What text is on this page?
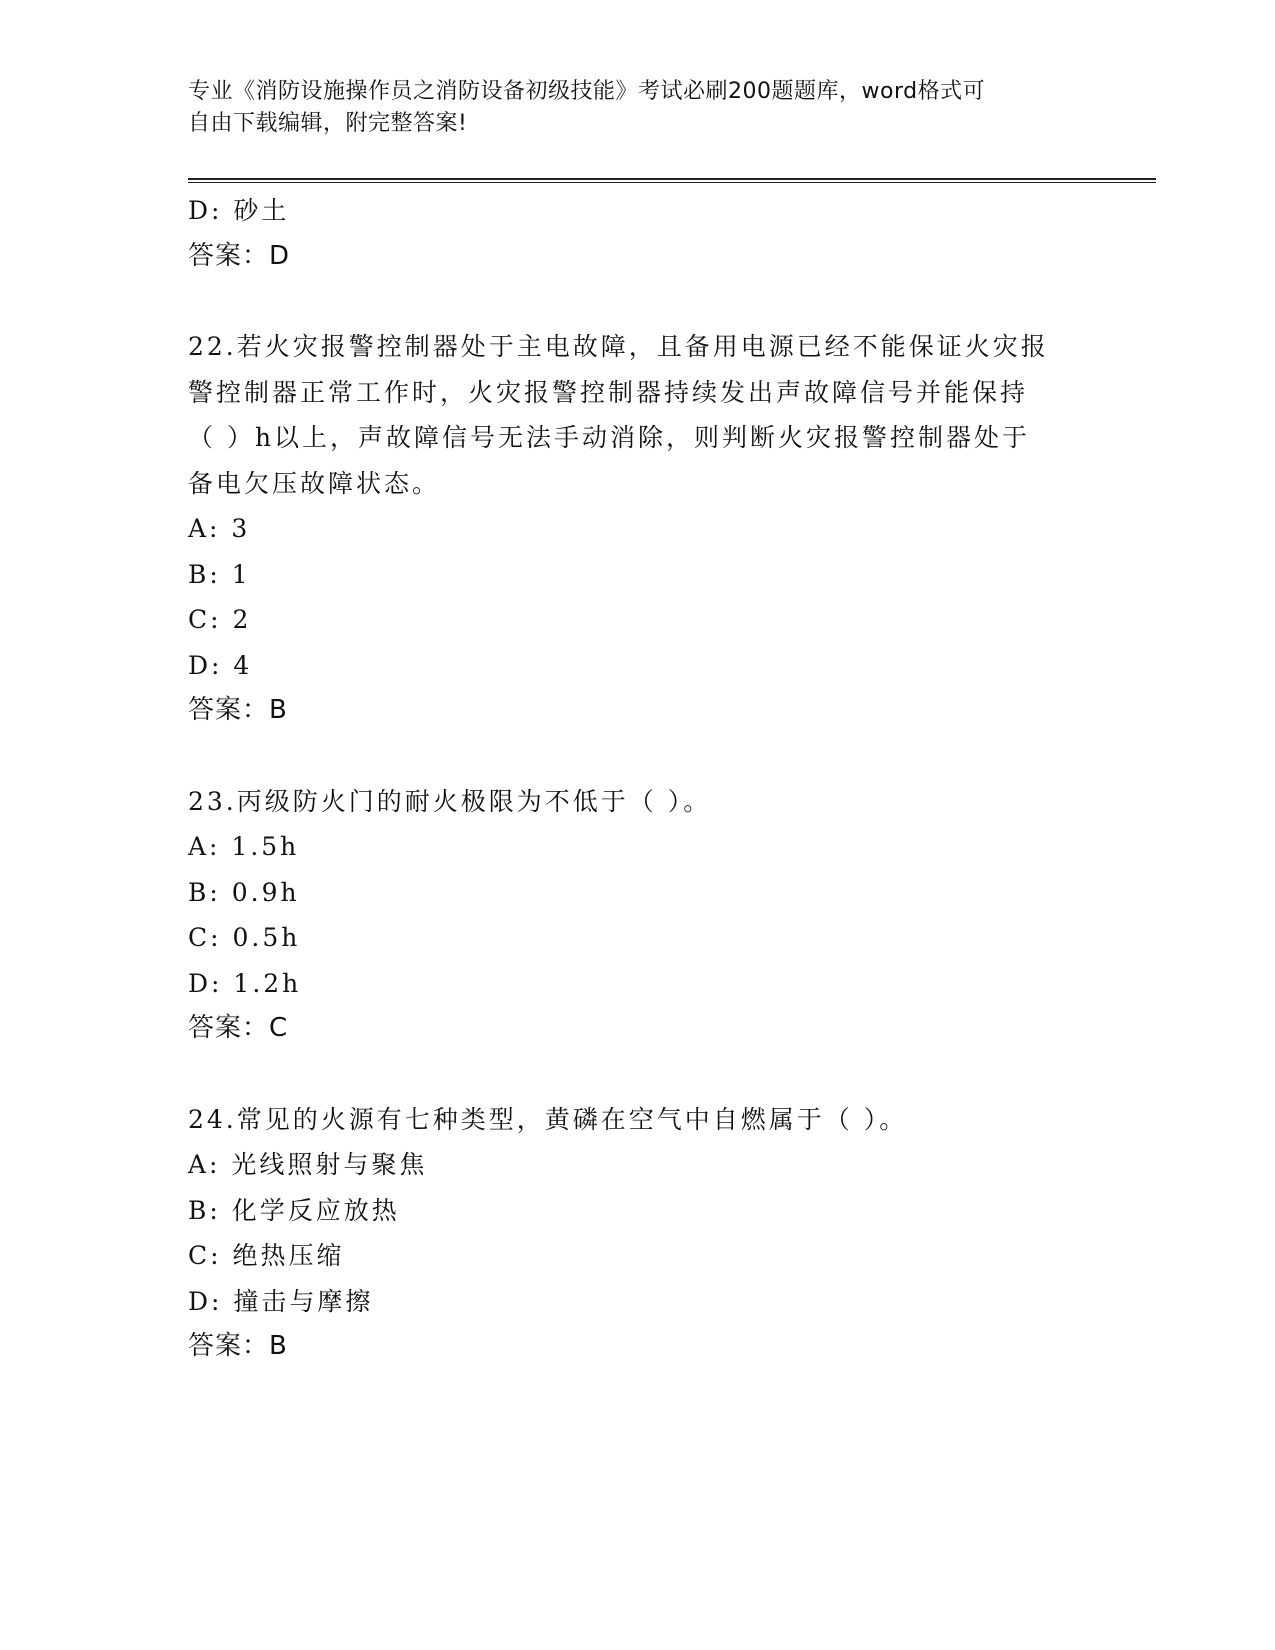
专业《消防设施操作员之消防设备初级技能》考试必刷200题题库，word格式可
自由下载编辑，附完整答案!
D: 砂土
答案：D
22.若火灾报警控制器处于主电故障，且备用电源已经不能保证火灾报
警控制器正常工作时，火灾报警控制器持续发出声故障信号并能保持
（ ）h以上，声故障信号无法手动消除，则判断火灾报警控制器处于
备电欠压故障状态。
A: 3
B: 1
C: 2
D: 4
答案：B
23.丙级防火门的耐火极限为不低于（ ）。
A: 1.5h
B: 0.9h
C: 0.5h
D: 1.2h
答案：C
24.常见的火源有七种类型，黄磷在空气中自燃属于（ ）。
A: 光线照射与聚焦
B: 化学反应放热
C: 绝热压缩
D: 撞击与摩擦
答案：B
